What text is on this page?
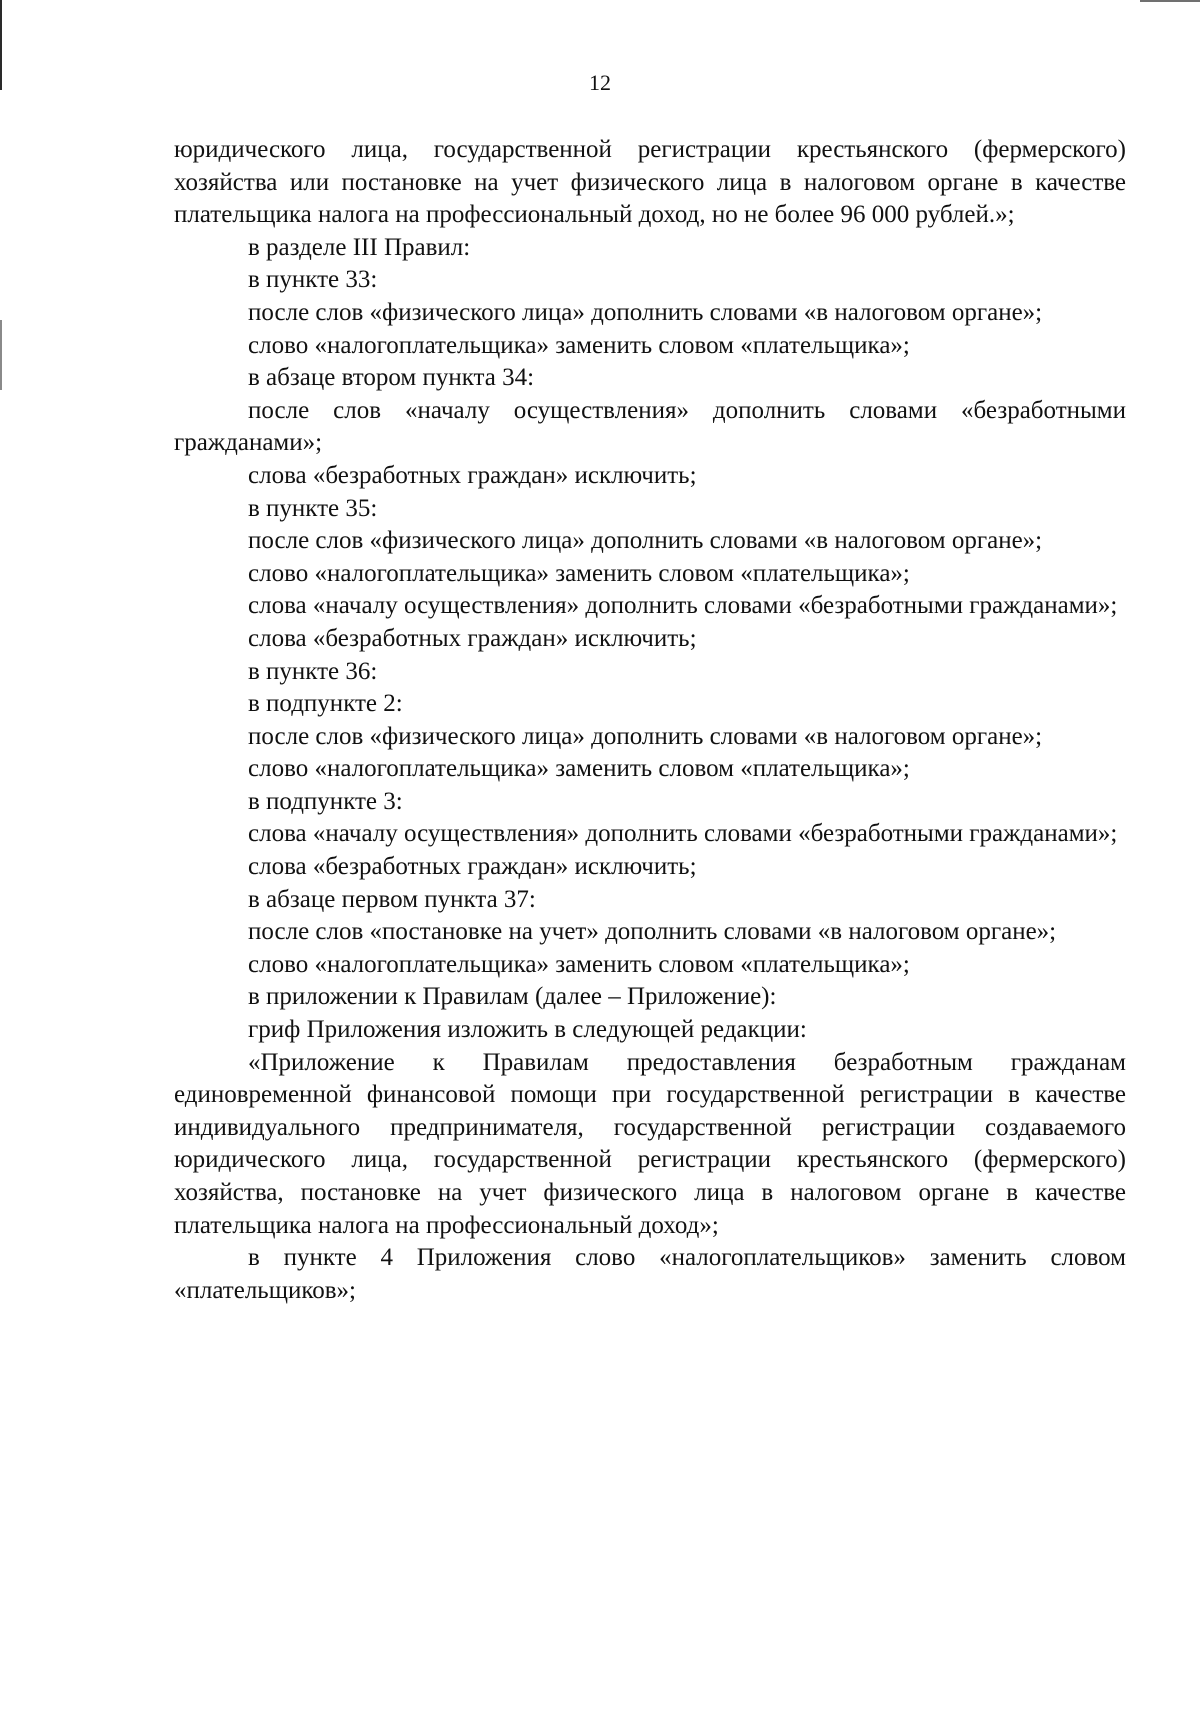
12

юридического лица, государственной регистрации крестьянского (фермерского) хозяйства или постановке на учет физического лица в налоговом органе в качестве плательщика налога на профессиональный доход, но не более 96 000 рублей.»;

в разделе III Правил:

в пункте 33:

после слов «физического лица» дополнить словами «в налоговом органе»;

слово «налогоплательщика» заменить словом «плательщика»;

в абзаце втором пункта 34:

после слов «началу осуществления» дополнить словами «безработными гражданами»;

слова «безработных граждан» исключить;

в пункте 35:

после слов «физического лица» дополнить словами «в налоговом органе»;

слово «налогоплательщика» заменить словом «плательщика»;

слова «началу осуществления» дополнить словами «безработными гражданами»;

слова «безработных граждан» исключить;

в пункте 36:

в подпункте 2:

после слов «физического лица» дополнить словами «в налоговом органе»;

слово «налогоплательщика» заменить словом «плательщика»;

в подпункте 3:

слова «началу осуществления» дополнить словами «безработными гражданами»;

слова «безработных граждан» исключить;

в абзаце первом пункта 37:

после слов «постановке на учет» дополнить словами «в налоговом органе»;

слово «налогоплательщика» заменить словом «плательщика»;

в приложении к Правилам (далее – Приложение):

гриф Приложения изложить в следующей редакции:

«Приложение к Правилам предоставления безработным гражданам единовременной финансовой помощи при государственной регистрации в качестве индивидуального предпринимателя, государственной регистрации создаваемого юридического лица, государственной регистрации крестьянского (фермерского) хозяйства, постановке на учет физического лица в налоговом органе в качестве плательщика налога на профессиональный доход»;

в пункте 4 Приложения слово «налогоплательщиков» заменить словом «плательщиков»;
